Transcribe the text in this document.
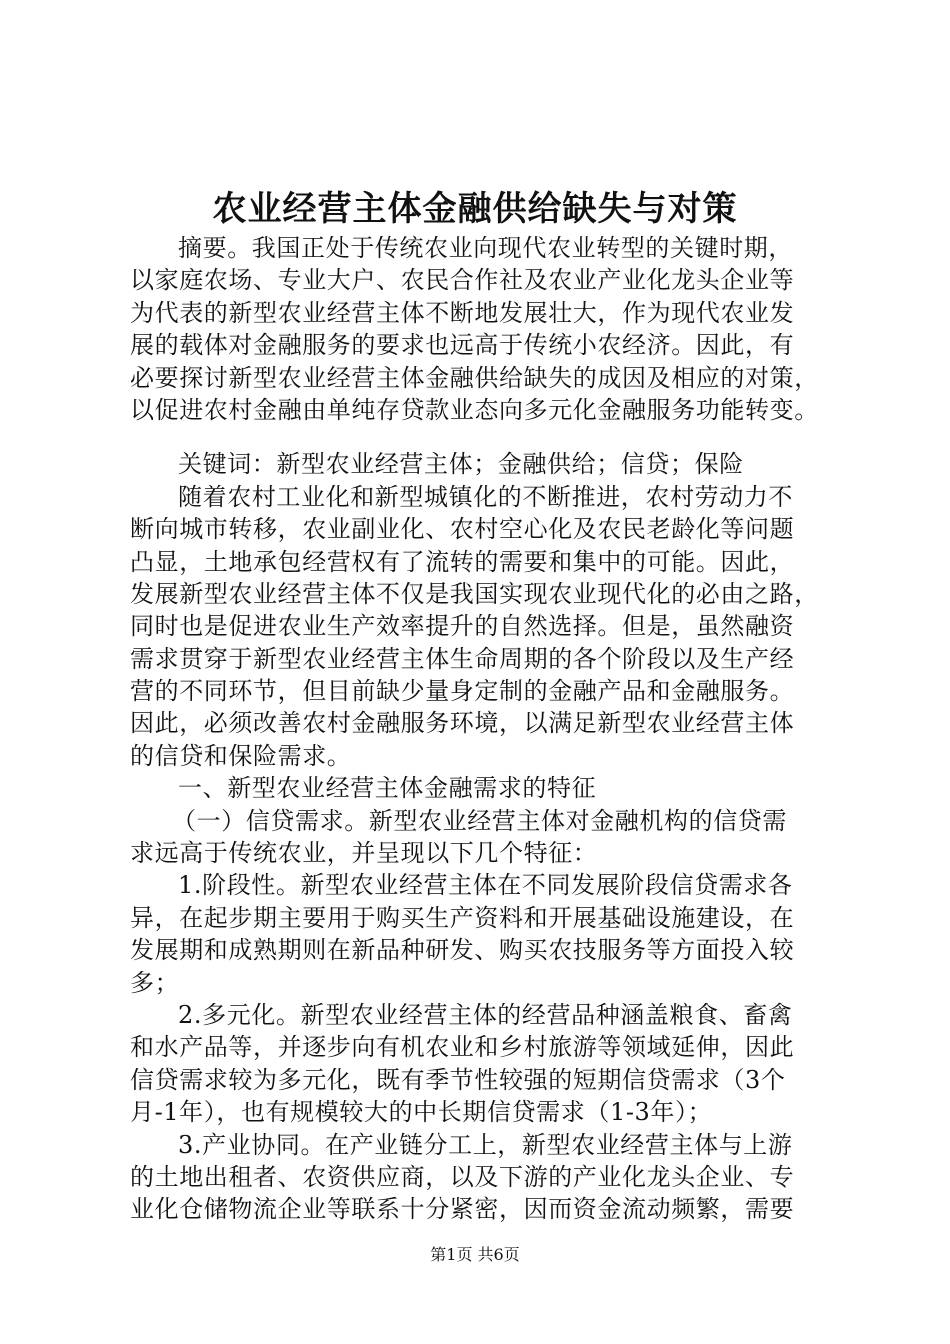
农业经营主体金融供给缺失与对策
摘要。我国正处于传统农业向现代农业转型的关键时期，
以家庭农场、专业大户、农民合作社及农业产业化龙头企业等
为代表的新型农业经营主体不断地发展壮大，作为现代农业发
展的载体对金融服务的要求也远高于传统小农经济。因此，有
必要探讨新型农业经营主体金融供给缺失的成因及相应的对策，
以促进农村金融由单纯存贷款业态向多元化金融服务功能转变。
关键词：新型农业经营主体；金融供给；信贷；保险
随着农村工业化和新型城镇化的不断推进，农村劳动力不
断向城市转移，农业副业化、农村空心化及农民老龄化等问题
凸显，土地承包经营权有了流转的需要和集中的可能。因此，
发展新型农业经营主体不仅是我国实现农业现代化的必由之路，
同时也是促进农业生产效率提升的自然选择。但是，虽然融资
需求贯穿于新型农业经营主体生命周期的各个阶段以及生产经
营的不同环节，但目前缺少量身定制的金融产品和金融服务。
因此，必须改善农村金融服务环境，以满足新型农业经营主体
的信贷和保险需求。
一、新型农业经营主体金融需求的特征
（一）信贷需求。新型农业经营主体对金融机构的信贷需
求远高于传统农业，并呈现以下几个特征：
1.阶段性。新型农业经营主体在不同发展阶段信贷需求各
异，在起步期主要用于购买生产资料和开展基础设施建设，在
发展期和成熟期则在新品种研发、购买农技服务等方面投入较
多；
2.多元化。新型农业经营主体的经营品种涵盖粮食、畜禽
和水产品等，并逐步向有机农业和乡村旅游等领域延伸，因此
信贷需求较为多元化，既有季节性较强的短期信贷需求（3个
月-1年），也有规模较大的中长期信贷需求（1-3年）；
3.产业协同。在产业链分工上，新型农业经营主体与上游
的土地出租者、农资供应商，以及下游的产业化龙头企业、专
业化仓储物流企业等联系十分紧密，因而资金流动频繁，需要
第1页 共6页
